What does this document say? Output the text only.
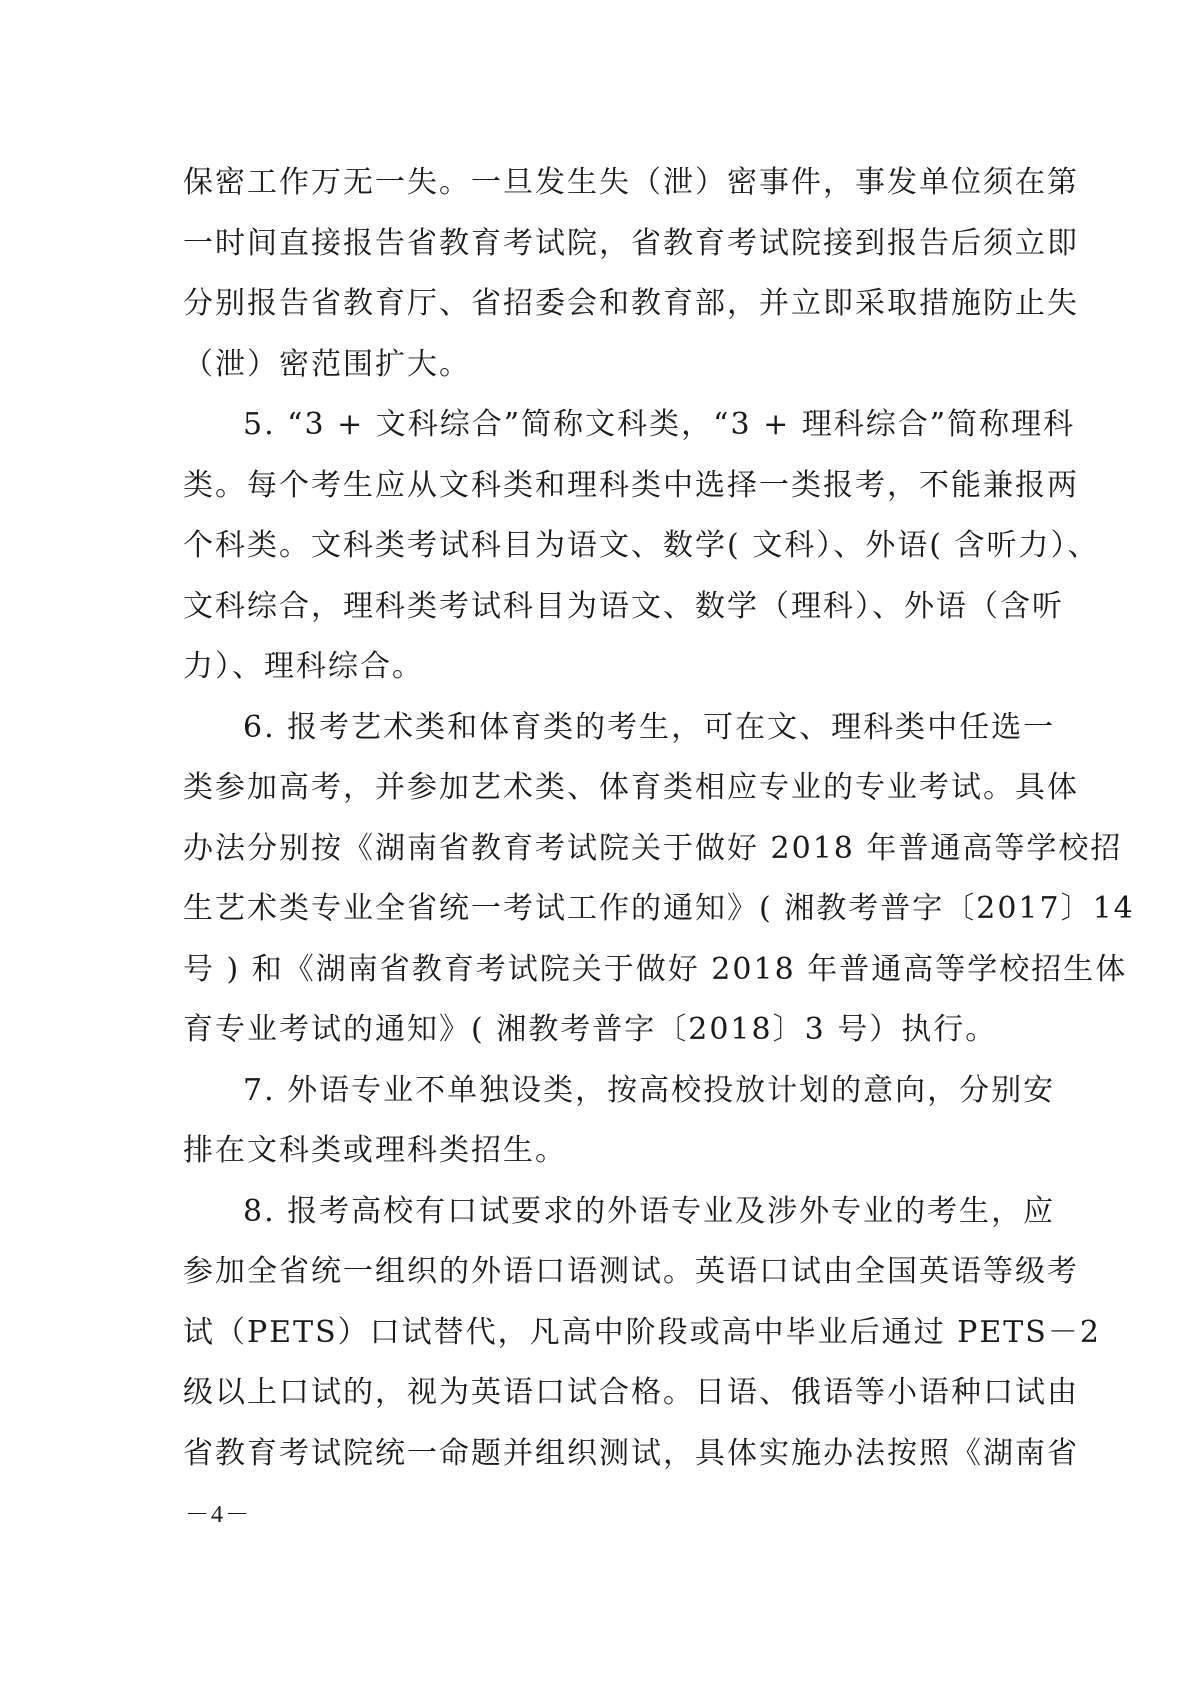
保密工作万无一失。一旦发生失（泄）密事件，事发单位须在第
一时间直接报告省教育考试院，省教育考试院接到报告后须立即
分别报告省教育厅、省招委会和教育部，并立即采取措施防止失
（泄）密范围扩大。

5. “3 + 文科综合”简称文科类，“3 + 理科综合”简称理科
类。每个考生应从文科类和理科类中选择一类报考，不能兼报两
个科类。文科类考试科目为语文、数学( 文科）、外语( 含听力）、
文科综合，理科类考试科目为语文、数学（理科）、外语（含听
力）、理科综合。

6. 报考艺术类和体育类的考生，可在文、理科类中任选一
类参加高考，并参加艺术类、体育类相应专业的专业考试。具体
办法分别按《湖南省教育考试院关于做好 2018 年普通高等学校招
生艺术类专业全省统一考试工作的通知》( 湘教考普字〔2017〕14
号 ) 和《湖南省教育考试院关于做好 2018 年普通高等学校招生体
育专业考试的通知》( 湘教考普字〔2018〕3 号）执行。

7. 外语专业不单独设类，按高校投放计划的意向，分别安
排在文科类或理科类招生。

8. 报考高校有口试要求的外语专业及涉外专业的考生，应
参加全省统一组织的外语口语测试。英语口试由全国英语等级考
试（PETS）口试替代，凡高中阶段或高中毕业后通过 PETS－2
级以上口试的，视为英语口试合格。日语、俄语等小语种口试由
省教育考试院统一命题并组织测试，具体实施办法按照《湖南省

－4－
